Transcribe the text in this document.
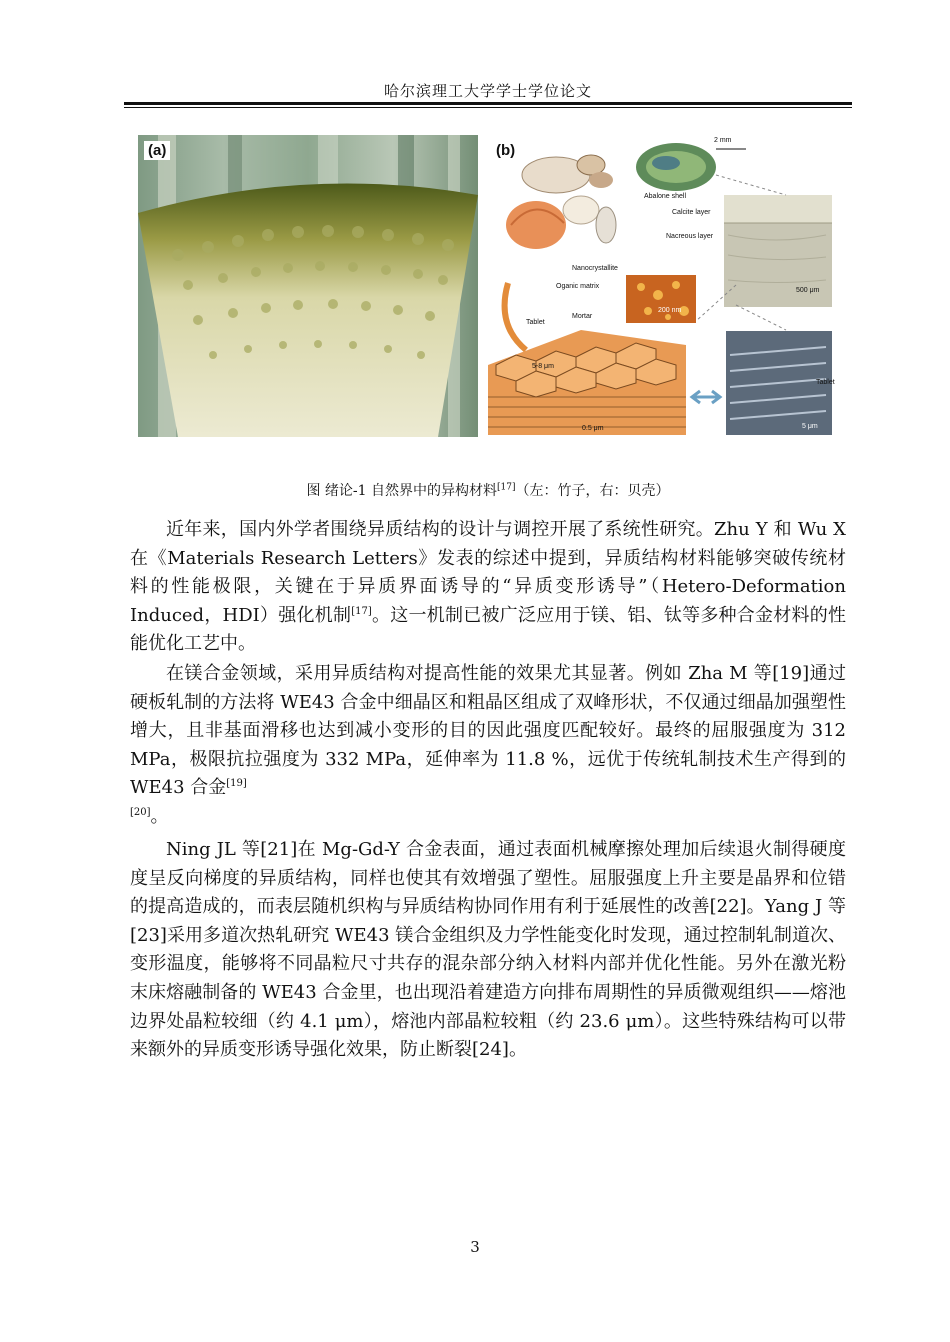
哈尔滨理工大学学士学位论文
(a)	(b)
2 mm
Abalone shell
Calcite layer
Nacreous layer
500 μm
Nanocrystallite
Oganic matrix
200 nm
Tablet
Mortar
5-8 μm
0.5 μm
Tablet
5 μm
图 绪论-1 自然界中的异构材料[17]（左：竹子，右：贝壳）

近年来，国内外学者围绕异质结构的设计与调控开展了系统性研究。Zhu Y 和 Wu X 在《Materials Research Letters》发表的综述中提到，异质结构材料能够突破传统材料的性能极限，关键在于异质界面诱导的“异质变形诱导”（Hetero-Deformation Induced，HDI）强化机制[17]。这一机制已被广泛应用于镁、铝、钛等多种合金材料的性能优化工艺中。

在镁合金领域，采用异质结构对提高性能的效果尤其显著。例如 Zha M 等[19]通过硬板轧制的方法将 WE43 合金中细晶区和粗晶区组成了双峰形状，不仅通过细晶加强塑性增大，且非基面滑移也达到减小变形的目的因此强度匹配较好。最终的屈服强度为 312 MPa，极限抗拉强度为 332 MPa，延伸率为 11.8 %，远优于传统轧制技术生产得到的 WE43 合金[19]
[20]。

Ning JL 等[21]在 Mg-Gd-Y 合金表面，通过表面机械摩擦处理加后续退火制得硬度度呈反向梯度的异质结构，同样也使其有效增强了塑性。屈服强度上升主要是晶界和位错的提高造成的，而表层随机织构与异质结构协同作用有利于延展性的改善[22]。Yang J 等[23]采用多道次热轧研究 WE43 镁合金组织及力学性能变化时发现，通过控制轧制道次、变形温度，能够将不同晶粒尺寸共存的混杂部分纳入材料内部并优化性能。另外在激光粉末床熔融制备的 WE43 合金里，也出现沿着建造方向排布周期性的异质微观组织——熔池边界处晶粒较细（约 4.1 μm），熔池内部晶粒较粗（约 23.6 μm）。这些特殊结构可以带来额外的异质变形诱导强化效果，防止断裂[24]。

3
